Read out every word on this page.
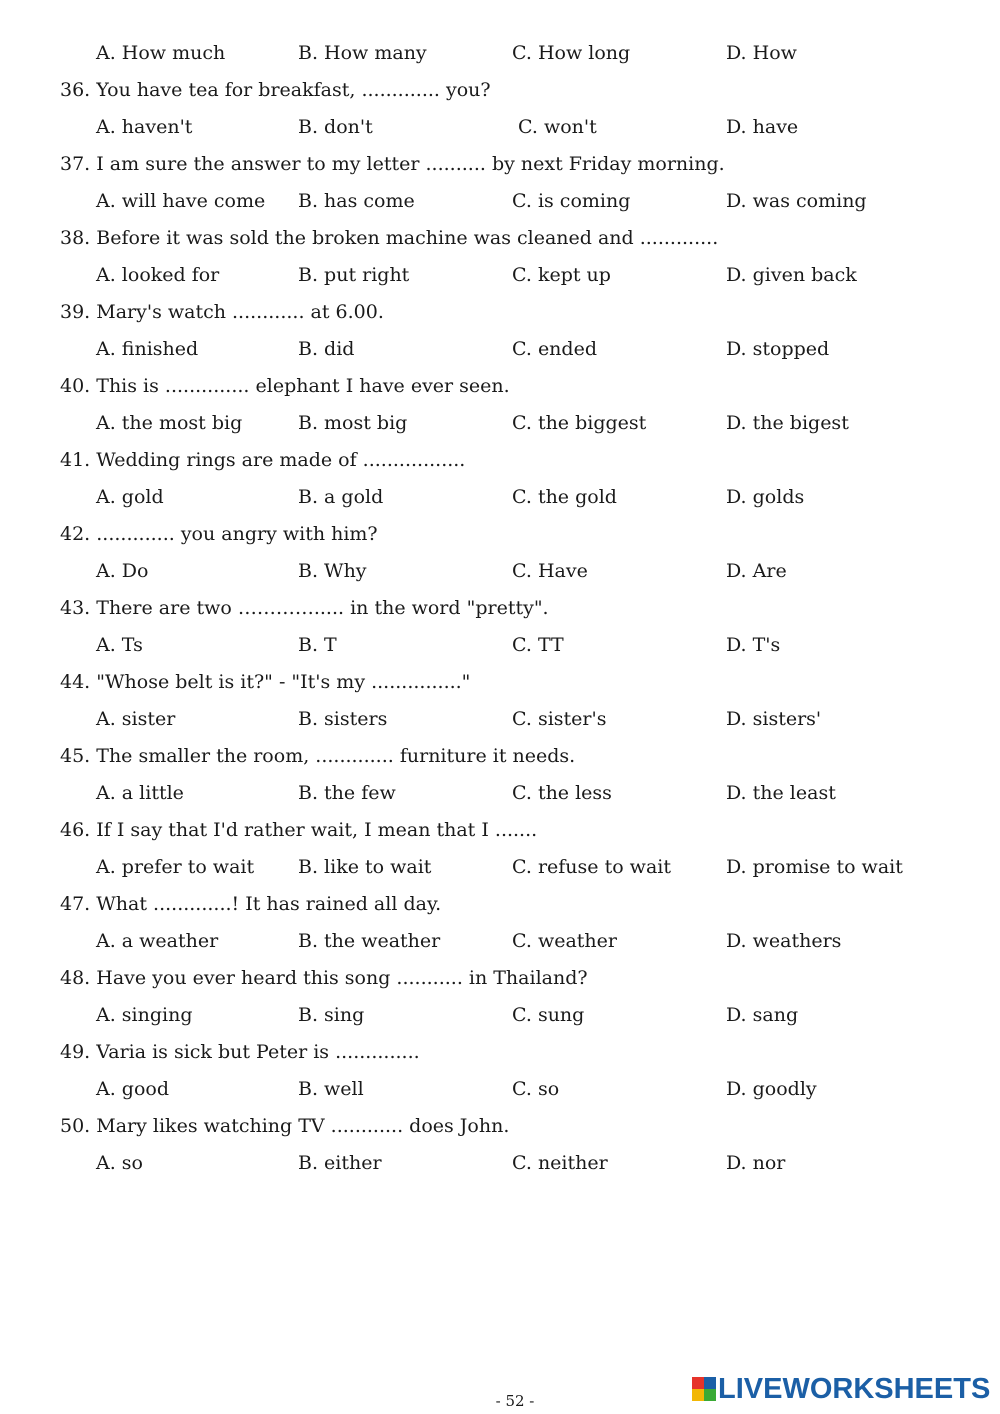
A. How much	B. How many	C. How long	D. How
36. You have tea for breakfast, ............. you?
A. haven't	B. don't	C. won't	D. have
37. I am sure the answer to my letter .......... by next Friday morning.
A. will have come B. has come	C. is coming	D. was coming
38. Before it was sold the broken machine was cleaned and .............
A. looked for	B. put right	C. kept up	D. given back
39. Mary's watch ............ at 6.00.
A. finished	B. did	C. ended	D. stopped
40. This is .............. elephant I have ever seen.
A. the most big	B. most big	C. the biggest	D. the bigest
41. Wedding rings are made of .................
A. gold	B. a gold	C. the gold	D. golds
42. ............. you angry with him?
A. Do	B. Why	C. Have	D. Are
43. There are two …………..... in the word "pretty".
A. Ts	B. T	C. TT	D. T's
44. "Whose belt is it?" - "It's my ..............."
A. sister	B. sisters	C. sister's	D. sisters'
45. The smaller the room, ............. furniture it needs.
A. a little	B. the few	C. the less	D. the least
46. If I say that I'd rather wait, I mean that I .......
A. prefer to wait B. like to wait	C. refuse to wait	D. promise to wait
47. What .............! It has rained all day.
A. a weather	B. the weather	C. weather	D. weathers
48. Have you ever heard this song ........... in Thailand?
A. singing	B. sing	C. sung	D. sang
49. Varia is sick but Peter is ..............
A. good	B. well	C. so	D. goodly
50. Mary likes watching TV ............ does John.
A. so	B. either	C. neither	D. nor
- 52 -	LIVEWORKSHEETS
